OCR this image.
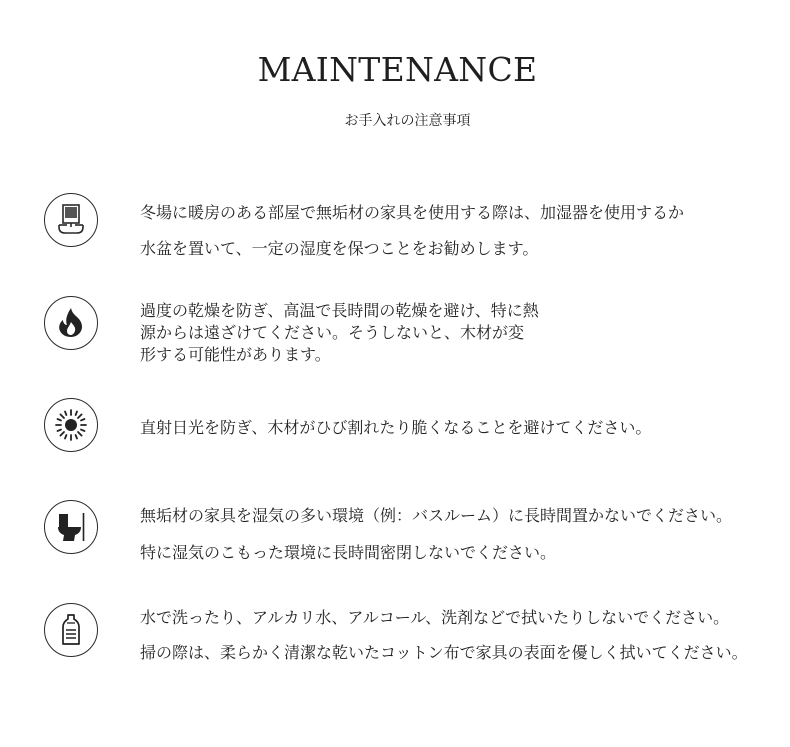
MAINTENANCE

お手入れの注意事項

冬場に暖房のある部屋で無垢材の家具を使用する際は、加湿器を使用するか
水盆を置いて、一定の湿度を保つことをお勧めします。
過度の乾燥を防ぎ、高温で長時間の乾燥を避け、特に熱
源からは遠ざけてください。そうしないと、木材が変
形する可能性があります。
直射日光を防ぎ、木材がひび割れたり脆くなることを避けてください。
無垢材の家具を湿気の多い環境（例：バスルーム）に長時間置かないでください。
特に湿気のこもった環境に長時間密閉しないでください。
水で洗ったり、アルカリ水、アルコール、洗剤などで拭いたりしないでください。
掃の際は、柔らかく清潔な乾いたコットン布で家具の表面を優しく拭いてください。
